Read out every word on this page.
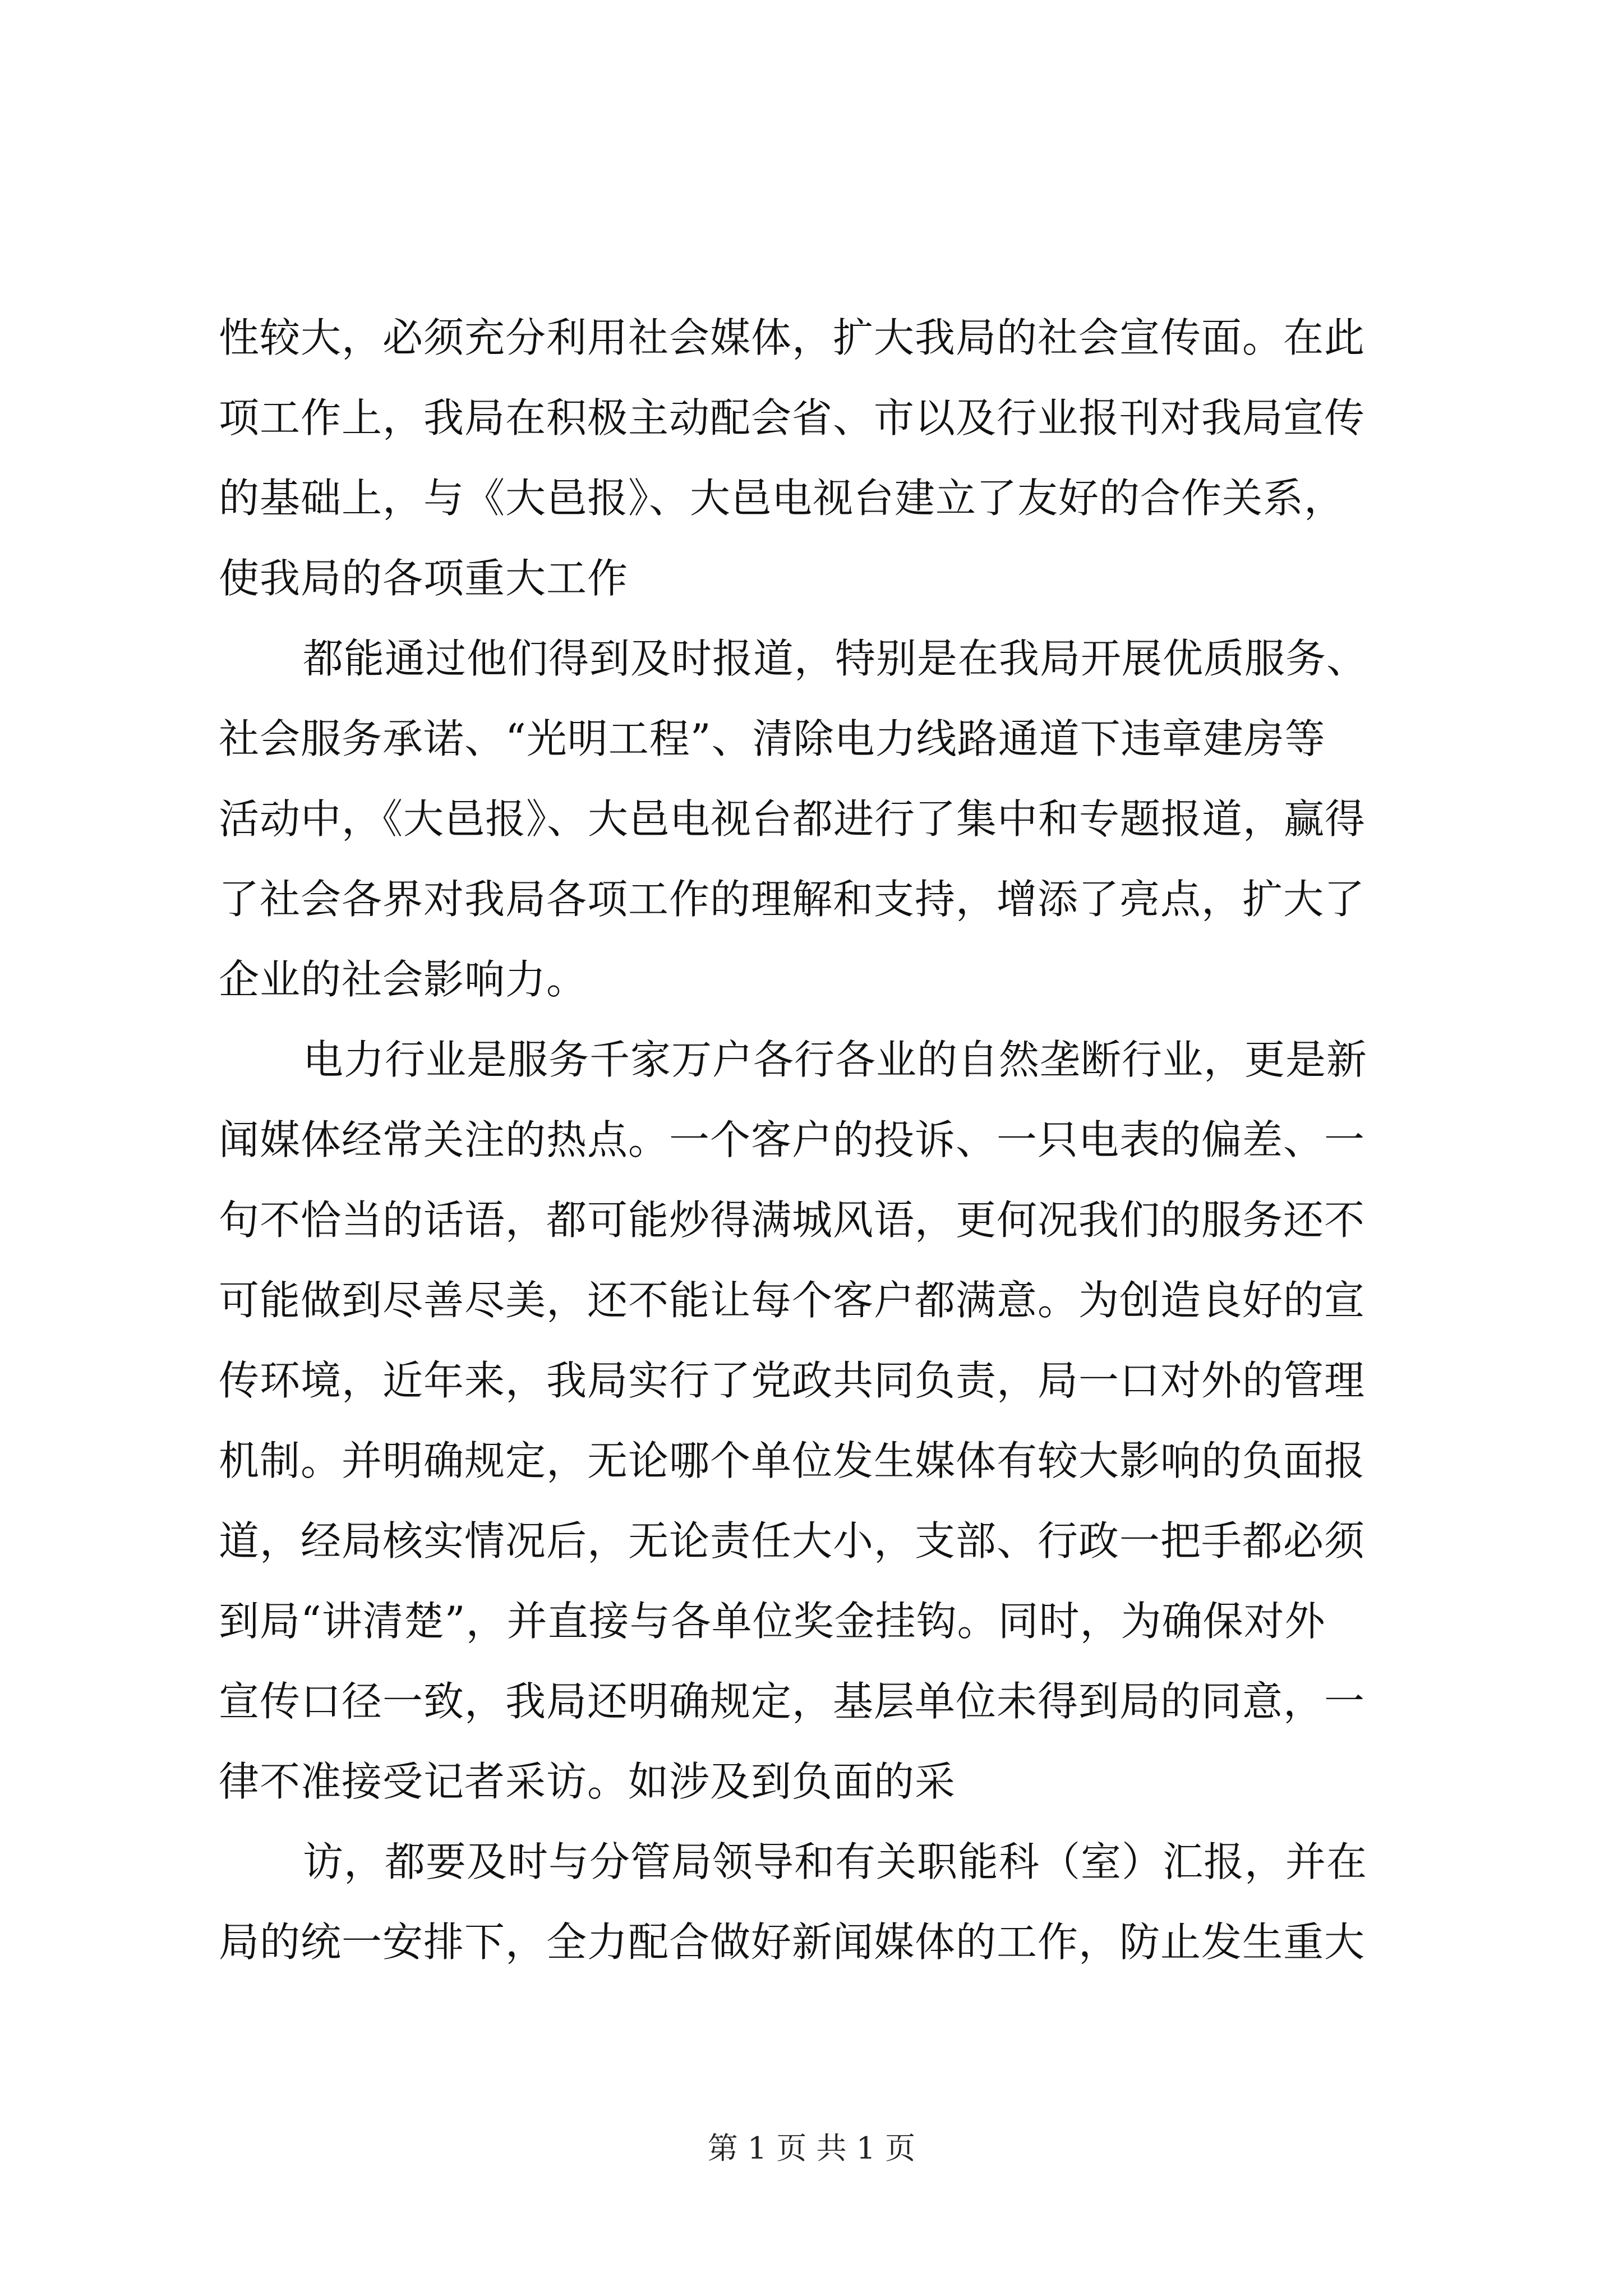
性较大，必须充分利用社会媒体，扩大我局的社会宣传面。在此
项工作上，我局在积极主动配会省、市以及行业报刊对我局宣传
的基础上，与《大邑报》、大邑电视台建立了友好的合作关系，
使我局的各项重大工作
都能通过他们得到及时报道，特别是在我局开展优质服务、
社会服务承诺、“光明工程”、清除电力线路通道下违章建房等
活动中，《大邑报》、大邑电视台都进行了集中和专题报道，赢得
了社会各界对我局各项工作的理解和支持，增添了亮点，扩大了
企业的社会影响力。
电力行业是服务千家万户各行各业的自然垄断行业，更是新
闻媒体经常关注的热点。一个客户的投诉、一只电表的偏差、一
句不恰当的话语，都可能炒得满城风语，更何况我们的服务还不
可能做到尽善尽美，还不能让每个客户都满意。为创造良好的宣
传环境，近年来，我局实行了党政共同负责，局一口对外的管理
机制。并明确规定，无论哪个单位发生媒体有较大影响的负面报
道，经局核实情况后，无论责任大小，支部、行政一把手都必须
到局“讲清楚”，并直接与各单位奖金挂钩。同时，为确保对外
宣传口径一致，我局还明确规定，基层单位未得到局的同意，一
律不准接受记者采访。如涉及到负面的采
访，都要及时与分管局领导和有关职能科（室）汇报，并在
局的统一安排下，全力配合做好新闻媒体的工作，防止发生重大
第 1 页 共 1 页
